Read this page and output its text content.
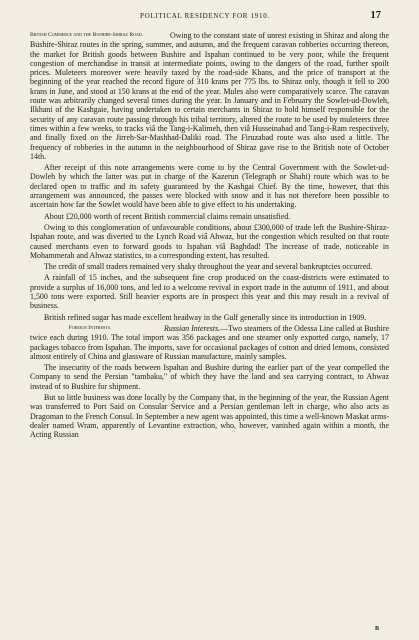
POLITICAL RESIDENCY FOR 1910.	17

British Commerce and the Bushire-Shiraz Road.	Owing to the constant state of unrest existing in Shiraz and along the Bushire-Shiraz routes in the spring, summer, and autumn, and the frequent caravan robberies occurring thereon, the market for British goods between Bushire and Ispahan continued to be very poor, while the frequent congestion of merchandise in transit at intermediate points, owing to the dangers of the road, further spoilt prices. Muleteers moreover were heavily taxed by the road-side Khans, and the price of transport at the beginning of the year reached the record figure of 310 krans per 775 lbs. to Shiraz only, though it fell to 200 krans in June, and stood at 150 krans at the end of the year. Mules also were comparatively scarce. The caravan route was arbitrarily changed several times during the year. In January and in February the Sowlet-ud-Dowleh, Ilkhani of the Kashgaie, having undertaken to certain merchants in Shiraz to hold himself responsible for the security of any caravan route passing through his tribal territory, altered the route to be used by muleteers three times within a few weeks, to tracks viâ the Tang-i-Kalimeh, then viâ Husseinabad and Tang-i-Ram respectively, and finally fixed on the Jirreh-Sar-Mashhad-Daliki road. The Firuzabad route was also used a little. The frequency of robberies in the autumn in the neighbourhood of Shiraz gave rise to the British note of October 14th.

After receipt of this note arrangements were come to by the Central Government with the Sowlet-ud-Dowleh by which the latter was put in charge of the Kazerun (Telegraph or Shahi) route which was to be declared open to traffic and its safety guaranteed by the Kashgai Chief. By the time, however, that this arrangement was announced, the passes were blocked with snow and it has not therefore been possible to ascertain how far the Sowlet would have been able to give effect to his undertaking.

About £20,000 worth of recent British commercial claims remain unsatisfied.

Owing to this conglomeration of unfavourable conditions, about £300,000 of trade left the Bushire-Shiraz-Ispahan route, and was diverted to the Lynch Road viâ Ahwaz, but the congestion which resulted on that route caused merchants even to forward goods to Ispahan viâ Baghdad! The increase of trade, noticeable in Mohammerah and Ahwaz statistics, to a corresponding extent, has resulted.

The credit of small traders remained very shaky throughout the year and several bankruptcies occurred.

A rainfall of 15 inches, and the subsequent fine crop produced on the coast-districts were estimated to provide a surplus of 16,000 tons, and led to a welcome revival in export trade in the autumn of 1911, and about 1,500 tons were exported. Still heavier exports are in prospect this year and this may result in a revival of business.

British refined sugar has made excellent headway in the Gulf generally since its introduction in 1909.

Foreign Interests.	Russian Interests.—Two steamers of the Odessa Line called at Bushire twice each during 1910. The total import was 356 packages and one steamer only exported cargo, namely, 17 packages tobacco from Ispahan. The imports, save for occasional packages of cotton and dried lemons, consisted almost entirely of China and glassware of Russian manufacture, mainly samples.

The insecurity of the roads between Ispahan and Bushire during the earlier part of the year compelled the Company to send the Persian "tambaku," of which they have the land and sea carrying contract, to Ahwaz instead of to Bushire for shipment.

But so little business was done locally by the Company that, in the beginning of the year, the Russian Agent was transferred to Port Said on Consular Service and a Persian gentleman left in charge, who also acts as Dragoman to the French Consul. In September a new agent was appointed, this time a well-known Maskat arms-dealer named Wram, apparently of Levantine extraction, who, however, vanished again within a month, the Acting Russian

B
